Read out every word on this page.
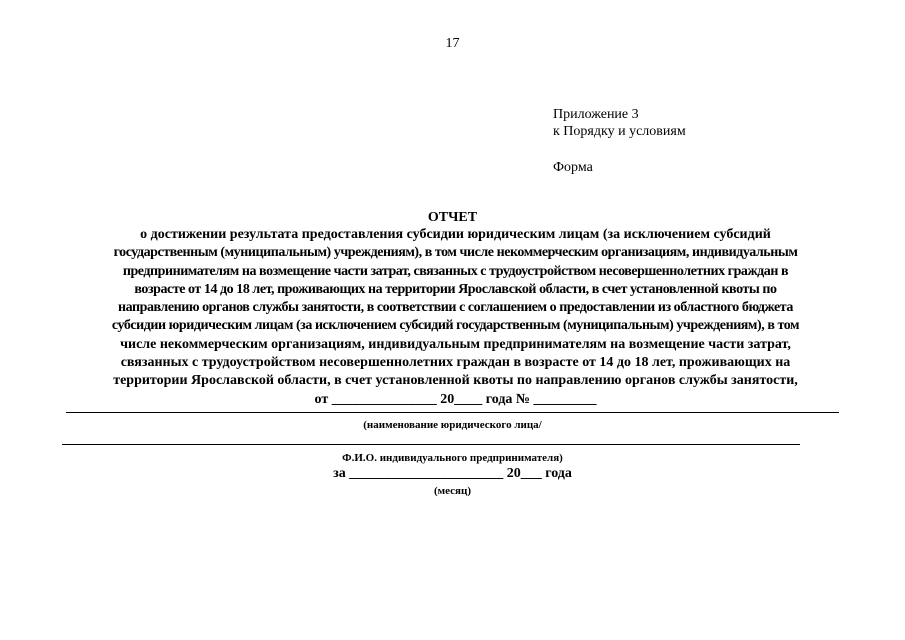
17
Приложение 3
к Порядку и условиям
Форма
ОТЧЕТ
о достижении результата предоставления субсидии юридическим лицам (за исключением субсидий
государственным (муниципальным) учреждениям), в том числе некоммерческим организациям, индивидуальным
предпринимателям на возмещение части затрат, связанных с трудоустройством несовершеннолетних граждан в
возрасте от 14 до 18 лет, проживающих на территории Ярославской области, в счет установленной квоты по
направлению органов службы занятости, в соответствии с соглашением о предоставлении из областного бюджета
субсидии юридическим лицам (за исключением субсидий государственным (муниципальным) учреждениям), в том
числе некоммерческим организациям, индивидуальным предпринимателям на возмещение части затрат,
связанных с трудоустройством несовершеннолетних граждан в возрасте от 14 до 18 лет, проживающих на
территории Ярославской области, в счет установленной квоты по направлению органов службы занятости,
от _______________ 20____ года № _________
(наименование юридического лица/
Ф.И.О. индивидуального предпринимателя)
за ______________________ 20___ года
(месяц)
